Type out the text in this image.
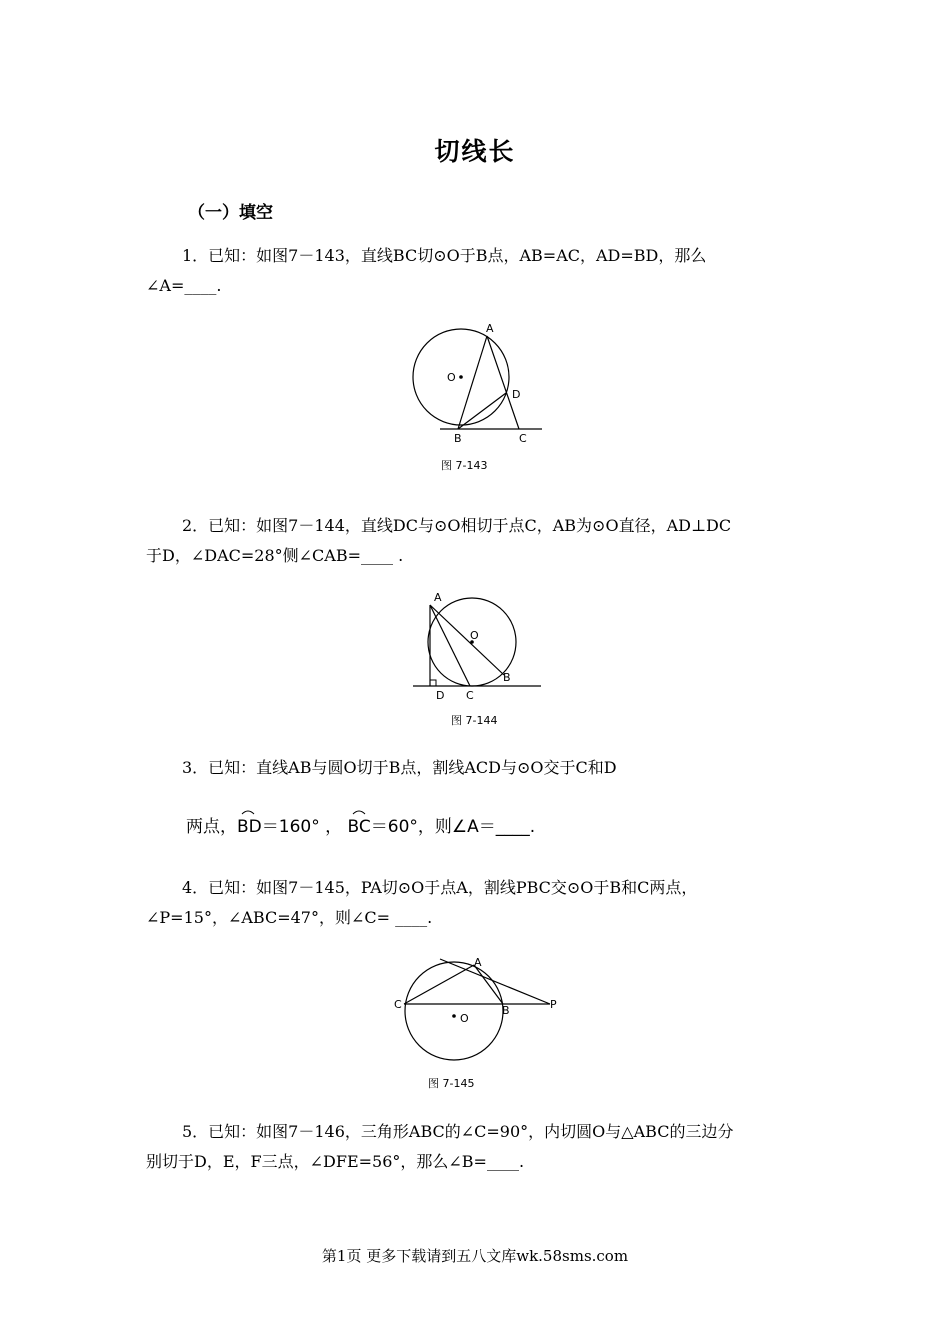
切线长
（一）填空
1．已知：如图7－143，直线BC切⊙O于B点，AB=AC，AD=BD，那么
∠A=____.
O
A
D
B	C
图 7-143
2．已知：如图7－144，直线DC与⊙O相切于点C，AB为⊙O直径，AD⊥DC
于D，∠DAC=28°侧∠CAB=____ .
A
O
B
C
D
图 7-144
3．已知：直线AB与圆O切于B点，割线ACD与⊙O交于C和D
两点，
BD＝160° ， BC＝60°，则∠A＝____.
4．已知：如图7－145，PA切⊙O于点A，割线PBC交⊙O于B和C两点，
∠P=15°，∠ABC=47°，则∠C= ____.
A
C	B	P
O
图 7-145
5．已知：如图7－146，三角形ABC的∠C=90°，内切圆O与△ABC的三边分
别切于D，E，F三点，∠DFE=56°，那么∠B=____.
第1页 更多下载请到五八文库wk.58sms.com
